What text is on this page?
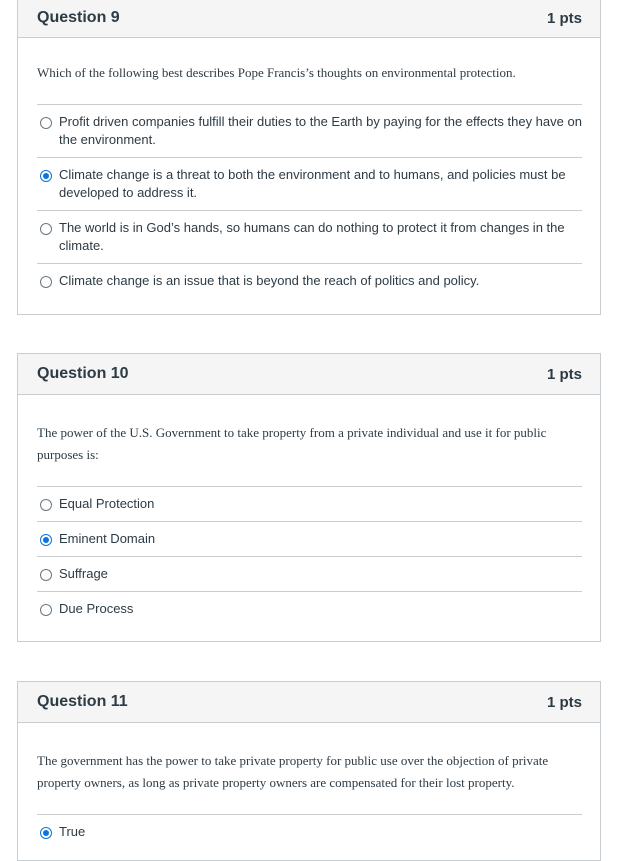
Question 9	1 pts
Which of the following best describes Pope Francis’s thoughts on environmental protection.
Profit driven companies fulfill their duties to the Earth by paying for the effects they have on the environment.
Climate change is a threat to both the environment and to humans, and policies must be developed to address it.
The world is in God’s hands, so humans can do nothing to protect it from changes in the climate.
Climate change is an issue that is beyond the reach of politics and policy.
Question 10	1 pts
The power of the U.S. Government to take property from a private individual and use it for public purposes is:
Equal Protection
Eminent Domain
Suffrage
Due Process
Question 11	1 pts
The government has the power to take private property for public use over the objection of private property owners, as long as private property owners are compensated for their lost property.
True
